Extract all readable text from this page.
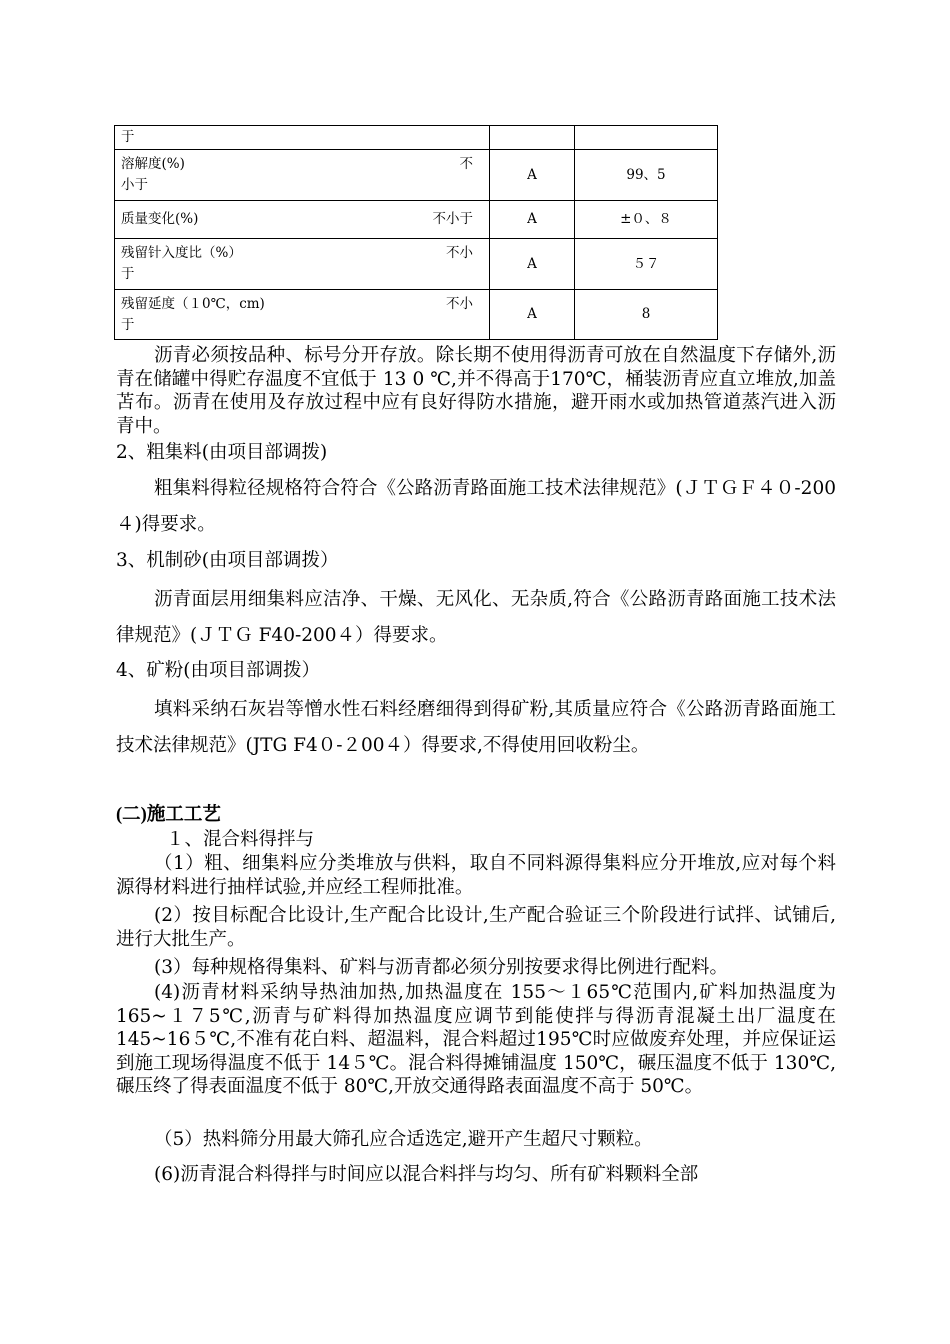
于		

溶解度(%) 不
小于	A	99、5

质量变化(%) 不小于	A	±０、８

残留针入度比（%） 不小
于	A	５７

残留延度（１0℃，cm) 不小
于	A	8

沥青必须按品种、标号分开存放。除长期不使用得沥青可放在自然温度下存储外,沥青在储罐中得贮存温度不宜低于 13 0 ℃,并不得高于170℃，桶装沥青应直立堆放,加盖苫布。沥青在使用及存放过程中应有良好得防水措施，避开雨水或加热管道蒸汽进入沥青中。

2、粗集料(由项目部调拨)

粗集料得粒径规格符合符合《公路沥青路面施工技术法律规范》(ＪＴＧＦ４０-200４)得要求。

3、机制砂(由项目部调拨）

沥青面层用细集料应洁净、干燥、无风化、无杂质,符合《公路沥青路面施工技术法律规范》(ＪＴＧ F40-200４）得要求。

4、矿粉(由项目部调拨）

填料采纳石灰岩等憎水性石料经磨细得到得矿粉,其质量应符合《公路沥青路面施工技术法律规范》(JTG F4０-２00４）得要求,不得使用回收粉尘。

(二)施工工艺

１、混合料得拌与

（1）粗、细集料应分类堆放与供料，取自不同料源得集料应分开堆放,应对每个料源得材料进行抽样试验,并应经工程师批准。

(2）按目标配合比设计,生产配合比设计,生产配合验证三个阶段进行试拌、试铺后,进行大批生产。

(3）每种规格得集料、矿料与沥青都必须分别按要求得比例进行配料。

(4)沥青材料采纳导热油加热,加热温度在 155～１65℃范围内,矿料加热温度为 165~１７5℃,沥青与矿料得加热温度应调节到能使拌与得沥青混凝土出厂温度在 145~16５℃,不准有花白料、超温料，混合料超过195℃时应做废弃处理，并应保证运到施工现场得温度不低于 14５℃。混合料得摊铺温度 150℃，碾压温度不低于 130℃,碾压终了得表面温度不低于 80℃,开放交通得路表面温度不高于 50℃。

（5）热料筛分用最大筛孔应合适选定,避开产生超尺寸颗粒。

(6)沥青混合料得拌与时间应以混合料拌与均匀、所有矿料颗料全部
